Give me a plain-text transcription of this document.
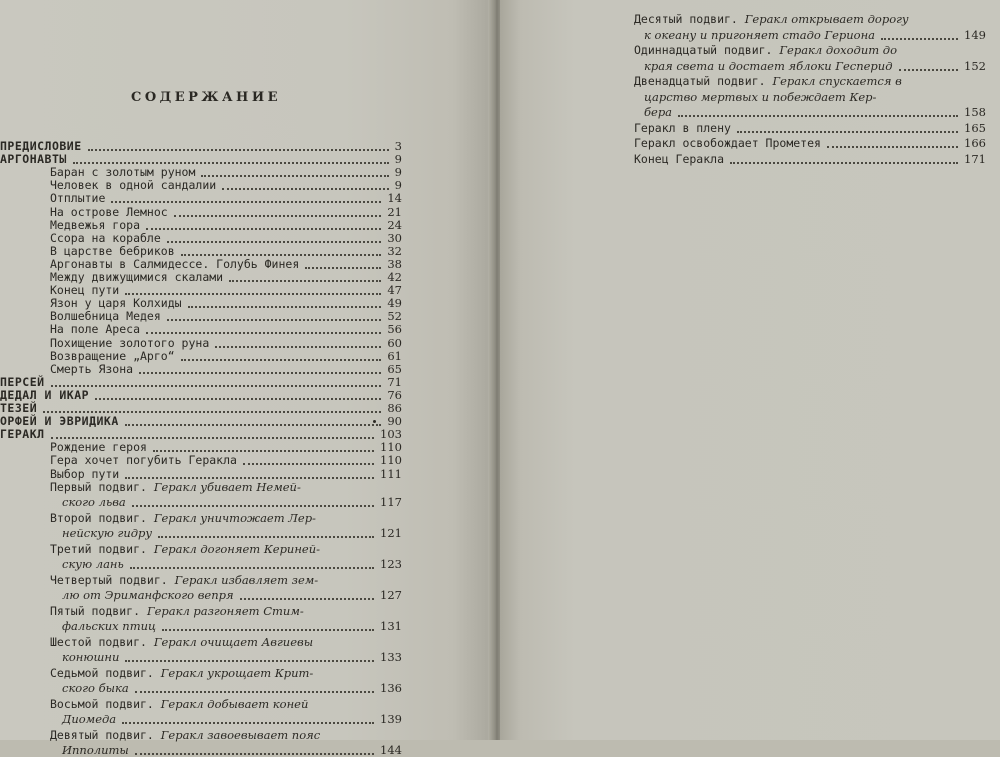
СОДЕРЖАНИЕ
ПРЕДИСЛОВИЕ	3
АРГОНАВТЫ	9
Баран с золотым руном	9
Человек в одной сандалии	9
Отплытие	14
На острове Лемнос	21
Медвежья гора	24
Ссора на корабле	30
В царстве бебриков	32
Аргонавты в Салмидессе. Голубь Финея	38
Между движущимися скалами	42
Конец пути	47
Язон у царя Колхиды	49
Волшебница Медея	52
На поле Ареса	56
Похищение золотого руна	60
Возвращение „Арго“	61
Смерть Язона	65
ПЕРСЕЙ	71
ДЕДАЛ И ИКАР	76
ТЕЗЕЙ	86
ОРФЕЙ И ЭВРИДИКА	90
ГЕРАКЛ	103
Рождение героя	110
Гера хочет погубить Геракла	110
Выбор пути	111
Первый подвиг. Геракл убивает Немей-
ского льва	117
Второй подвиг. Геракл уничтожает Лер-
нейскую гидру	121
Третий подвиг. Геракл догоняет Кериней-
скую лань	123
Четвертый подвиг. Геракл избавляет зем-
лю от Эриманфского вепря	127
Пятый подвиг. Геракл разгоняет Стим-
фальских птиц	131
Шестой подвиг. Геракл очищает Авгиевы
конюшни	133
Седьмой подвиг. Геракл укрощает Крит-
ского быка	136
Восьмой подвиг. Геракл добывает коней
Диомеда	139
Девятый подвиг. Геракл завоевывает пояс
Ипполиты	144
Десятый подвиг. Геракл открывает дорогу
к океану и пригоняет стадо Гериона	149
Одиннадцатый подвиг. Геракл доходит до
края света и достает яблоки Гесперид	152
Двенадцатый подвиг. Геракл спускается в
царство мертвых и побеждает Кер-
бера	158
Геракл в плену	165
Геракл освобождает Прометея	166
Конец Геракла	171
